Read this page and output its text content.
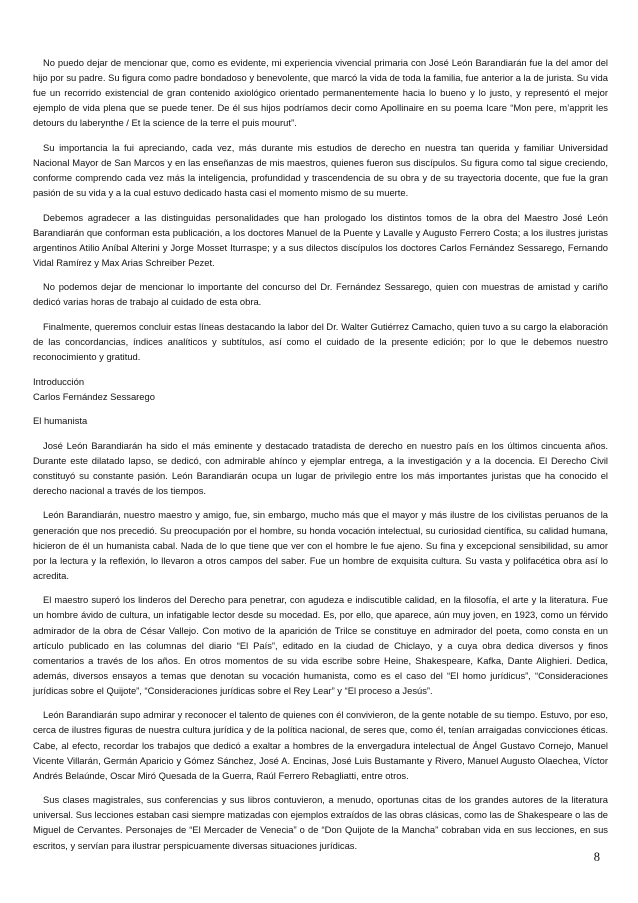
No puedo dejar de mencionar que, como es evidente, mi experiencia vivencial primaria con José León Barandiarán fue la del amor del hijo por su padre. Su figura como padre bondadoso y benevolente, que marcó la vida de toda la familia, fue anterior a la de jurista. Su vida fue un recorrido existencial de gran contenido axiológico orientado permanentemente hacia lo bueno y lo justo, y representó el mejor ejemplo de vida plena que se puede tener. De él sus hijos podríamos decir como Apollinaire en su poema Icare “Mon pere, m’apprit les detours du laberynthe / Et la science de la terre el puis mourut”.

Su importancia la fui apreciando, cada vez, más durante mis estudios de derecho en nuestra tan querida y familiar Universidad Nacional Mayor de San Marcos y en las enseñanzas de mis maestros, quienes fueron sus discípulos. Su figura como tal sigue creciendo, conforme comprendo cada vez más la inteligencia, profundidad y trascendencia de su obra y de su trayectoria docente, que fue la gran pasión de su vida y a la cual estuvo dedicado hasta casi el momento mismo de su muerte.

Debemos agradecer a las distinguidas personalidades que han prologado los distintos tomos de la obra del Maestro José León Barandiarán que conforman esta publicación, a los doctores Manuel de la Puente y Lavalle y Augusto Ferrero Costa; a los ilustres juristas argentinos Atilio Aníbal Alterini y Jorge Mosset Iturraspe; y a sus dilectos discípulos los doctores Carlos Fernández Sessarego, Fernando Vidal Ramírez y Max Arias Schreiber Pezet.

No podemos dejar de mencionar lo importante del concurso del Dr. Fernández Sessarego, quien con muestras de amistad y cariño dedicó varias horas de trabajo al cuidado de esta obra.

Finalmente, queremos concluir estas líneas destacando la labor del Dr. Walter Gutiérrez Camacho, quien tuvo a su cargo la elaboración de las concordancias, índices analíticos y subtítulos, así como el cuidado de la presente edición; por lo que le debemos nuestro reconocimiento y gratitud.

Introducción

Carlos Fernández Sessarego

El humanista

José León Barandiarán ha sido el más eminente y destacado tratadista de derecho en nuestro país en los últimos cincuenta años. Durante este dilatado lapso, se dedicó, con admirable ahínco y ejemplar entrega, a la investigación y a la docencia. El Derecho Civil constituyó su constante pasión. León Barandiarán ocupa un lugar de privilegio entre los más importantes juristas que ha conocido el derecho nacional a través de los tiempos.

León Barandiarán, nuestro maestro y amigo, fue, sin embargo, mucho más que el mayor y más ilustre de los civilistas peruanos de la generación que nos precedió. Su preocupación por el hombre, su honda vocación intelectual, su curiosidad científica, su calidad humana, hicieron de él un humanista cabal. Nada de lo que tiene que ver con el hombre le fue ajeno. Su fina y excepcional sensibilidad, su amor por la lectura y la reflexión, lo llevaron a otros campos del saber. Fue un hombre de exquisita cultura. Su vasta y polifacética obra así lo acredita.

El maestro superó los linderos del Derecho para penetrar, con agudeza e indiscutible calidad, en la filosofía, el arte y la literatura. Fue un hombre ávido de cultura, un infatigable lector desde su mocedad. Es, por ello, que aparece, aún muy joven, en 1923, como un férvido admirador de la obra de César Vallejo. Con motivo de la aparición de Trilce se constituye en admirador del poeta, como consta en un artículo publicado en las columnas del diario “El País”, editado en la ciudad de Chiclayo, y a cuya obra dedica diversos y finos comentarios a través de los años. En otros momentos de su vida escribe sobre Heine, Shakespeare, Kafka, Dante Alighieri. Dedica, además, diversos ensayos a temas que denotan su vocación humanista, como es el caso del “El homo jurídicus”, “Consideraciones jurídicas sobre el Quijote”, “Consideraciones jurídicas sobre el Rey Lear” y “El proceso a Jesús”.

León Barandiarán supo admirar y reconocer el talento de quienes con él convivieron, de la gente notable de su tiempo. Estuvo, por eso, cerca de ilustres figuras de nuestra cultura jurídica y de la política nacional, de seres que, como él, tenían arraigadas convicciones éticas. Cabe, al efecto, recordar los trabajos que dedicó a exaltar a hombres de la envergadura intelectual de Ángel Gustavo Cornejo, Manuel Vicente Villarán, Germán Aparicio y Gómez Sánchez, José A. Encinas, José Luis Bustamante y Rivero, Manuel Augusto Olaechea, Víctor Andrés Belaúnde, Oscar Miró Quesada de la Guerra, Raúl Ferrero Rebagliatti, entre otros.

Sus clases magistrales, sus conferencias y sus libros contuvieron, a menudo, oportunas citas de los grandes autores de la literatura universal. Sus lecciones estaban casi siempre matizadas con ejemplos extraídos de las obras clásicas, como las de Shakespeare o las de Miguel de Cervantes. Personajes de “El Mercader de Venecia” o de “Don Quijote de la Mancha” cobraban vida en sus lecciones, en sus escritos, y servían para ilustrar perspicuamente diversas situaciones jurídicas.

8
